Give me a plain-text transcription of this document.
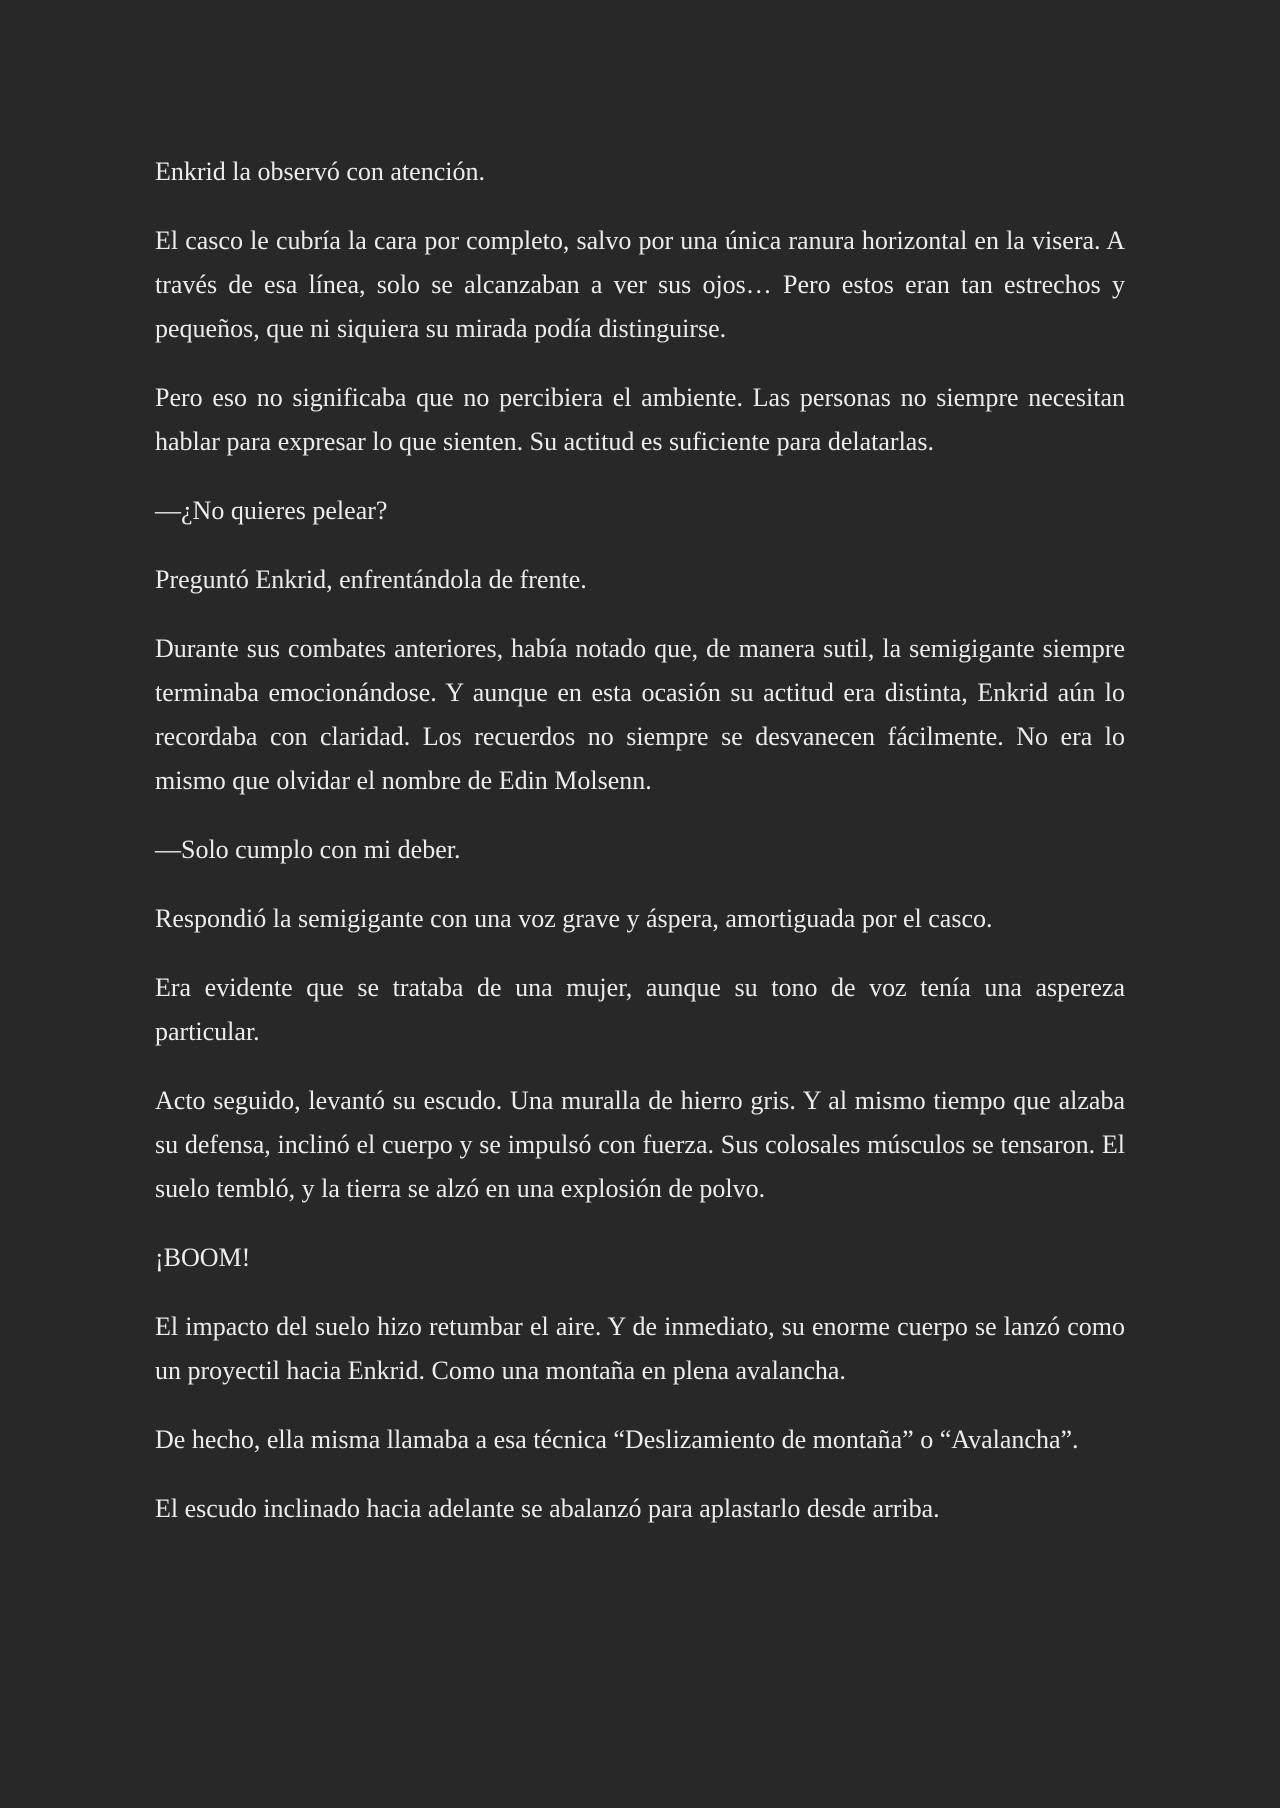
Enkrid la observó con atención.

El casco le cubría la cara por completo, salvo por una única ranura horizontal en la visera. A través de esa línea, solo se alcanzaban a ver sus ojos… Pero estos eran tan estrechos y pequeños, que ni siquiera su mirada podía distinguirse.

Pero eso no significaba que no percibiera el ambiente. Las personas no siempre necesitan hablar para expresar lo que sienten. Su actitud es suficiente para delatarlas.

—¿No quieres pelear?

Preguntó Enkrid, enfrentándola de frente.

Durante sus combates anteriores, había notado que, de manera sutil, la semigigante siempre terminaba emocionándose. Y aunque en esta ocasión su actitud era distinta, Enkrid aún lo recordaba con claridad. Los recuerdos no siempre se desvanecen fácilmente. No era lo mismo que olvidar el nombre de Edin Molsenn.

—Solo cumplo con mi deber.

Respondió la semigigante con una voz grave y áspera, amortiguada por el casco.

Era evidente que se trataba de una mujer, aunque su tono de voz tenía una aspereza particular.

Acto seguido, levantó su escudo. Una muralla de hierro gris. Y al mismo tiempo que alzaba su defensa, inclinó el cuerpo y se impulsó con fuerza. Sus colosales músculos se tensaron. El suelo tembló, y la tierra se alzó en una explosión de polvo.

¡BOOM!

El impacto del suelo hizo retumbar el aire. Y de inmediato, su enorme cuerpo se lanzó como un proyectil hacia Enkrid. Como una montaña en plena avalancha.

De hecho, ella misma llamaba a esa técnica “Deslizamiento de montaña” o “Avalancha”.

El escudo inclinado hacia adelante se abalanzó para aplastarlo desde arriba.
